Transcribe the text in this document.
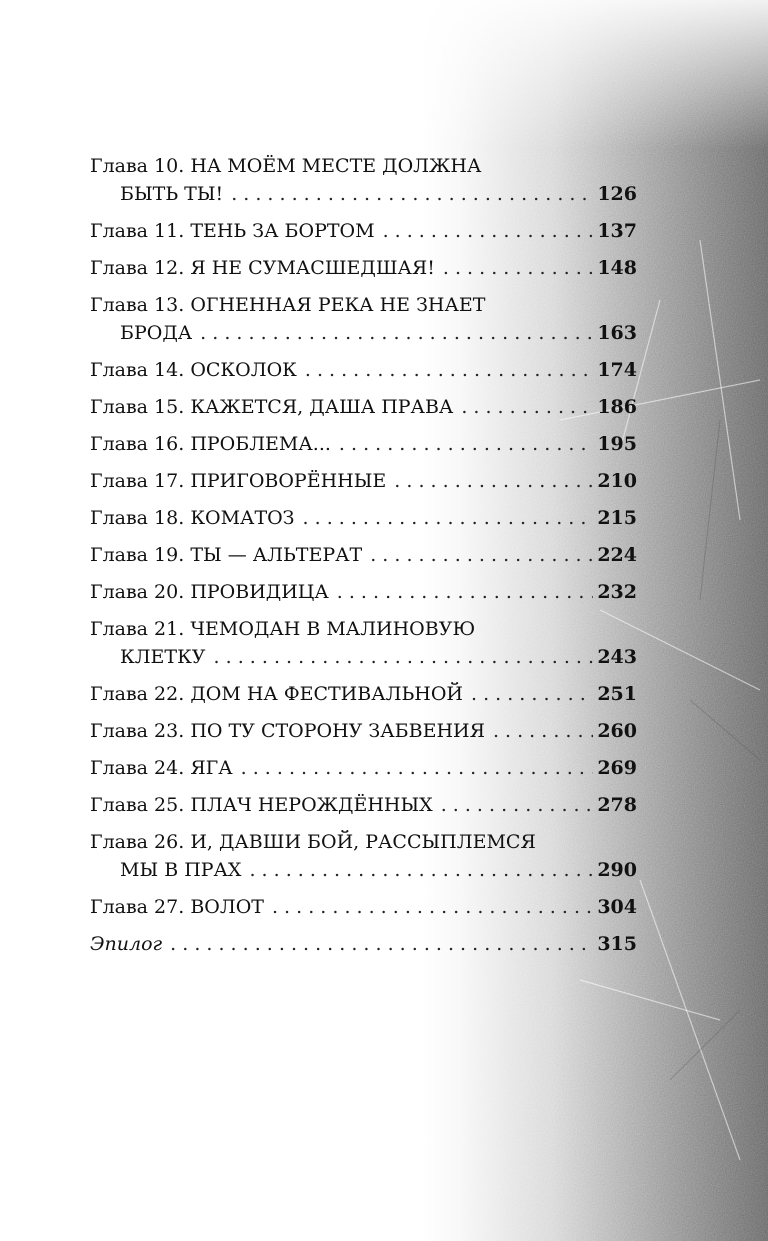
Глава 10. НА МОЁМ МЕСТЕ ДОЛЖНА
БЫТЬ ТЫ! . . .	126
Глава 11. ТЕНЬ ЗА БОРТОМ . . .	137
Глава 12. Я НЕ СУМАСШЕДШАЯ! . . .	148
Глава 13. ОГНЕННАЯ РЕКА НЕ ЗНАЕТ
БРОДА . . .	163
Глава 14. ОСКОЛОК . . .	174
Глава 15. КАЖЕТСЯ, ДАША ПРАВА . . .	186
Глава 16. ПРОБЛЕМА... . . .	195
Глава 17. ПРИГОВОРЁННЫЕ . . .	210
Глава 18. КОМАТОЗ . . .	215
Глава 19. ТЫ — АЛЬТЕРАТ . . .	224
Глава 20. ПРОВИДИЦА . . .	232
Глава 21. ЧЕМОДАН В МАЛИНОВУЮ
КЛЕТКУ . . .	243
Глава 22. ДОМ НА ФЕСТИВАЛЬНОЙ . . .	251
Глава 23. ПО ТУ СТОРОНУ ЗАБВЕНИЯ . . .	260
Глава 24. ЯГА . . .	269
Глава 25. ПЛАЧ НЕРОЖДЁННЫХ . . .	278
Глава 26. И, ДАВШИ БОЙ, РАССЫПЛЕМСЯ
МЫ В ПРАХ . . .	290
Глава 27. ВОЛОТ . . .	304
Эпилог . . .	315
